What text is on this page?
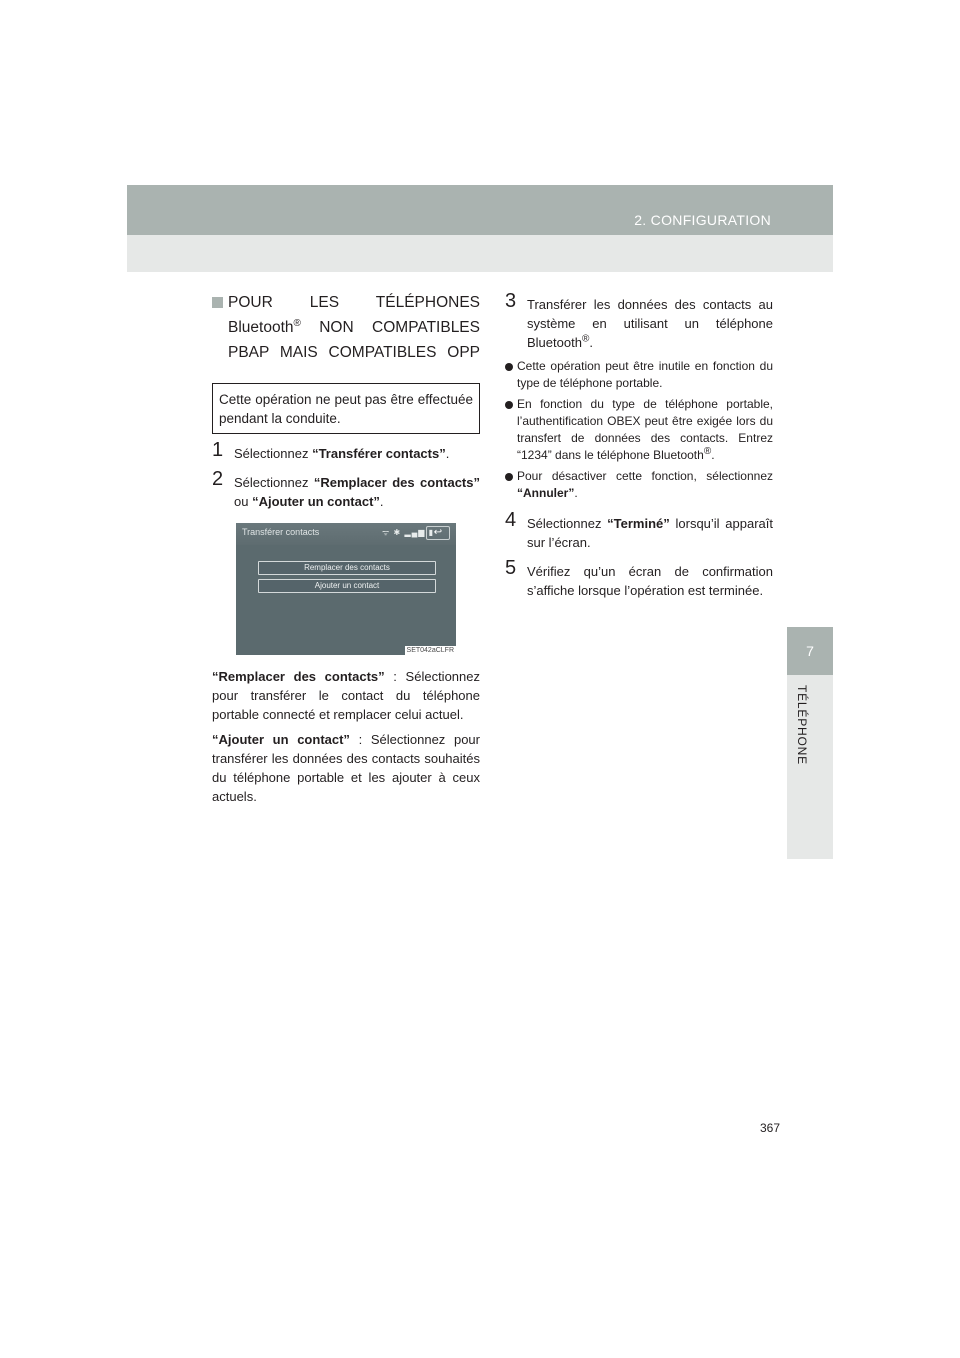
2. CONFIGURATION
7
TÉLÉPHONE
POUR LES TÉLÉPHONES
Bluetooth® NON COMPATIBLES
PBAP MAIS COMPATIBLES OPP
Cette opération ne peut pas être effectuée pendant la conduite.
1 Sélectionnez “Transférer contacts”.
2 Sélectionnez “Remplacer des contacts” ou “Ajouter un contact”.
Transférer contacts	ᯤ ✱ ▂▄▆ ▮ ↩
Remplacer des contacts
Ajouter un contact
SET042aCLFR
“Remplacer des contacts” : Sélectionnez pour transférer le contact du téléphone portable connecté et remplacer celui actuel.
“Ajouter un contact” : Sélectionnez pour transférer les données des contacts souhaités du téléphone portable et les ajouter à ceux actuels.
3 Transférer les données des contacts au système en utilisant un téléphone Bluetooth®.
Cette opération peut être inutile en fonction du type de téléphone portable.
En fonction du type de téléphone portable, l’authentification OBEX peut être exigée lors du transfert de données des contacts. Entrez “1234” dans le téléphone Bluetooth®.
Pour désactiver cette fonction, sélectionnez “Annuler”.
4 Sélectionnez “Terminé” lorsqu’il apparaît sur l’écran.
5 Vérifiez qu’un écran de confirmation s’affiche lorsque l’opération est terminée.
367
